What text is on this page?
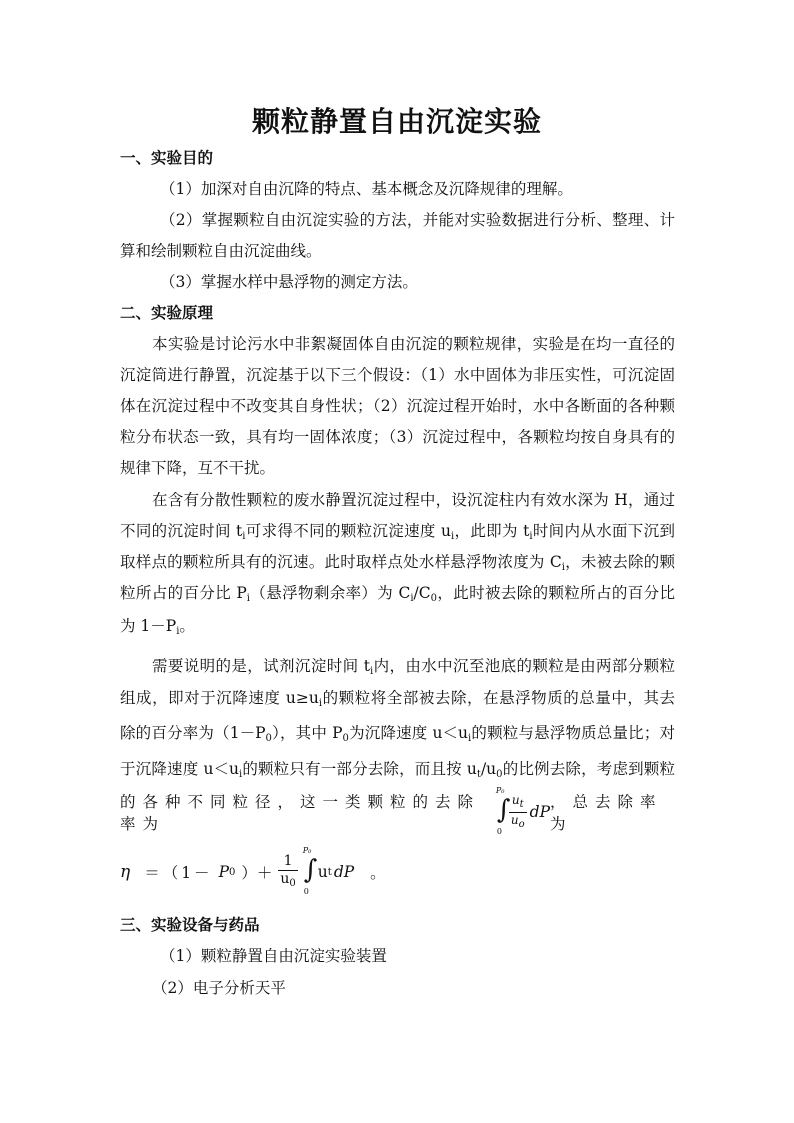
颗粒静置自由沉淀实验
一、实验目的
（1）加深对自由沉降的特点、基本概念及沉降规律的理解。
（2）掌握颗粒自由沉淀实验的方法，并能对实验数据进行分析、整理、计
算和绘制颗粒自由沉淀曲线。
（3）掌握水样中悬浮物的测定方法。
二、实验原理
本实验是讨论污水中非絮凝固体自由沉淀的颗粒规律，实验是在均一直径的
沉淀筒进行静置，沉淀基于以下三个假设：（1）水中固体为非压实性，可沉淀固
体在沉淀过程中不改变其自身性状；（2）沉淀过程开始时，水中各断面的各种颗
粒分布状态一致，具有均一固体浓度；（3）沉淀过程中，各颗粒均按自身具有的
规律下降，互不干扰。
在含有分散性颗粒的废水静置沉淀过程中，设沉淀柱内有效水深为 H，通过
不同的沉淀时间 $t_i$可求得不同的颗粒沉淀速度 $u_i$，此即为 $t_i$时间内从水面下沉到
取样点的颗粒所具有的沉速。此时取样点处水样悬浮物浓度为 $C_i$，未被去除的颗
粒所占的百分比 $P_i$（悬浮物剩余率）为 $C_i/C_0$，此时被去除的颗粒所占的百分比
为 $1-P_i$。
需要说明的是，试剂沉淀时间 $t_i$内，由水中沉至池底的颗粒是由两部分颗粒
组成，即对于沉降速度 $u\ge u_i$的颗粒将全部被去除，在悬浮物质的总量中，其去
除的百分率为$(1-P_0)$，其中 $P_0$为沉降速度 $u<u_i$的颗粒与悬浮物质总量比；对
于沉降速度 $u<u_i$的颗粒只有一部分去除，而且按 $u_t/u_0$的比例去除，考虑到颗粒
的各种不同粒径，这一类颗粒的去除率为	∫
P₀
$0 \frac{u_t}{u_o}$ dP
，总去除率为
η ＝（1－ P 0 ）＋ $\frac{1}{u_0}$ ∫
P₀
0
u t dP 。
三、实验设备与药品
（1）颗粒静置自由沉淀实验装置
（2）电子分析天平
